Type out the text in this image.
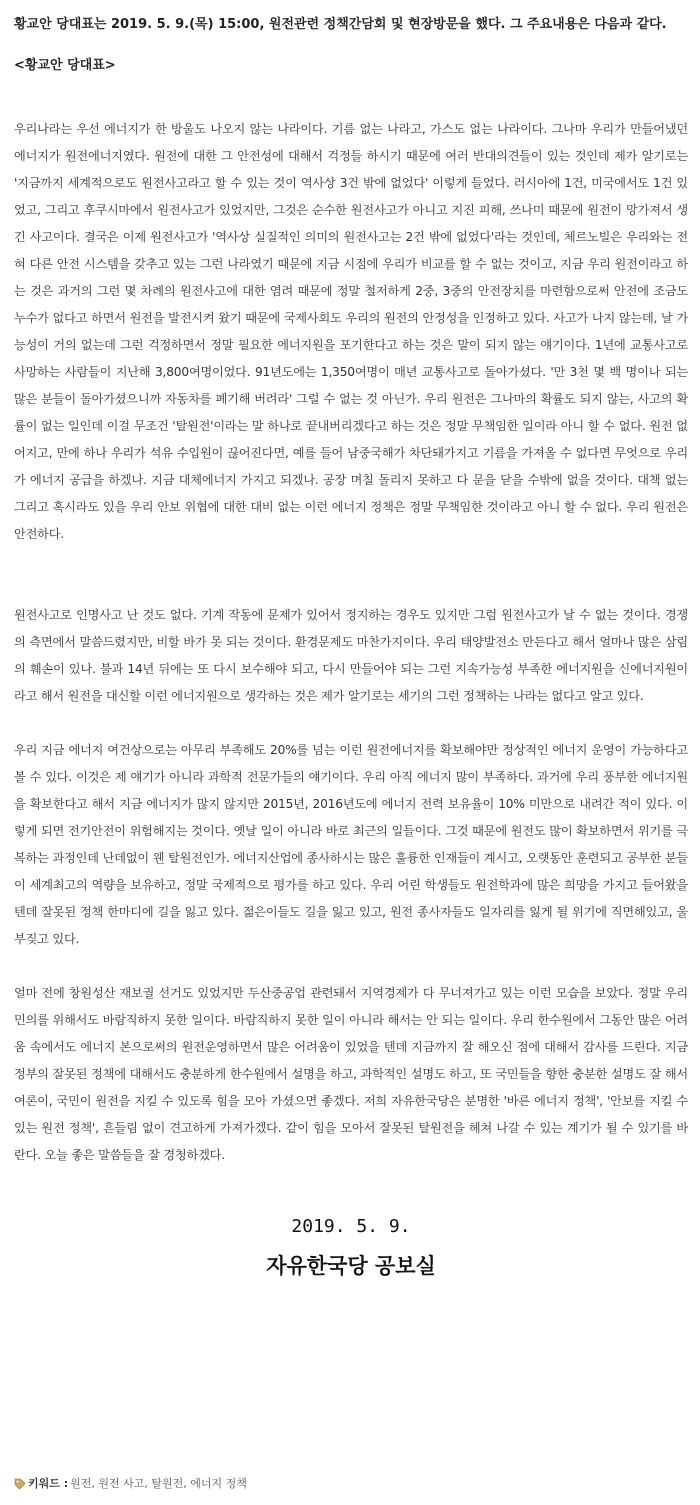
황교안 당대표는 2019. 5. 9.(목) 15:00, 원전관련 정책간담회 및 현장방문을 했다. 그 주요내용은 다음과 같다.

<황교안 당대표>

우리나라는 우선 에너지가 한 방울도 나오지 않는 나라이다. 기름 없는 나라고, 가스도 없는 나라이다. 그나마 우리가 만들어냈던 에너지가 원전에너지였다. 원전에 대한 그 안전성에 대해서 걱정들 하시기 때문에 여러 반대의견들이 있는 것인데 제가 알기로는 '지금까지 세계적으로도 원전사고라고 할 수 있는 것이 역사상 3건 밖에 없었다' 이렇게 들었다. 러시아에 1건, 미국에서도 1건 있었고, 그리고 후쿠시마에서 원전사고가 있었지만, 그것은 순수한 원전사고가 아니고 지진 피해, 쓰나미 때문에 원전이 망가져서 생긴 사고이다. 결국은 이제 원전사고가 '역사상 실질적인 의미의 원전사고는 2건 밖에 없었다'라는 것인데, 체르노빌은 우리와는 전혀 다른 안전 시스템을 갖추고 있는 그런 나라였기 때문에 지금 시점에 우리가 비교를 할 수 없는 것이고, 지금 우리 원전이라고 하는 것은 과거의 그런 몇 차례의 원전사고에 대한 염려 때문에 정말 철저하게 2중, 3중의 안전장치를 마련함으로써 안전에 조금도 누수가 없다고 하면서 원전을 발전시켜 왔기 때문에 국제사회도 우리의 원전의 안정성을 인정하고 있다. 사고가 나지 않는데, 날 가능성이 거의 없는데 그런 걱정하면서 정말 필요한 에너지원을 포기한다고 하는 것은 말이 되지 않는 얘기이다. 1년에 교통사고로 사망하는 사람들이 지난해 3,800여명이었다. 91년도에는 1,350여명이 매년 교통사고로 돌아가셨다. '만 3천 몇 백 명이나 되는 많은 분들이 돌아가셨으니까 자동차를 폐기해 버려라' 그럴 수 없는 것 아닌가. 우리 원전은 그나마의 확률도 되지 않는, 사고의 확률이 없는 일인데 이걸 무조건 '탈원전'이라는 말 하나로 끝내버리겠다고 하는 것은 정말 무책임한 일이라 아니 할 수 없다. 원전 없어지고, 만에 하나 우리가 석유 수입원이 끊어진다면, 예를 들어 남중국해가 차단돼가지고 기름을 가져올 수 없다면 무엇으로 우리가 에너지 공급을 하겠나. 지금 대체에너지 가지고 되겠나. 공장 며칠 돌리지 못하고 다 문을 닫을 수밖에 없을 것이다. 대책 없는 그리고 혹시라도 있을 우리 안보 위협에 대한 대비 없는 이런 에너지 정책은 정말 무책임한 것이라고 아니 할 수 없다. 우리 원전은 안전하다.

원전사고로 인명사고 난 것도 없다. 기계 작동에 문제가 있어서 정지하는 경우도 있지만 그럼 원전사고가 날 수 없는 것이다. 경쟁의 측면에서 말씀드렸지만, 비할 바가 못 되는 것이다. 환경문제도 마찬가지이다. 우리 태양발전소 만든다고 해서 얼마나 많은 삼림의 훼손이 있나. 불과 14년 뒤에는 또 다시 보수해야 되고, 다시 만들어야 되는 그런 지속가능성 부족한 에너지원을 신에너지원이라고 해서 원전을 대신할 이런 에너지원으로 생각하는 것은 제가 알기로는 세기의 그런 정책하는 나라는 없다고 알고 있다.

우리 지금 에너지 여건상으로는 아무리 부족해도 20%를 넘는 이런 원전에너지를 확보해야만 정상적인 에너지 운영이 가능하다고 볼 수 있다. 이것은 제 얘기가 아니라 과학적 전문가들의 얘기이다. 우리 아직 에너지 많이 부족하다. 과거에 우리 풍부한 에너지원을 확보한다고 해서 지금 에너지가 많지 않지만 2015년, 2016년도에 에너지 전력 보유율이 10% 미만으로 내려간 적이 있다. 이렇게 되면 전기안전이 위험해지는 것이다. 옛날 일이 아니라 바로 최근의 일들이다. 그것 때문에 원전도 많이 확보하면서 위기를 극복하는 과정인데 난데없이 웬 탈원전인가. 에너지산업에 종사하시는 많은 훌륭한 인재들이 계시고, 오랫동안 훈련되고 공부한 분들이 세계최고의 역량을 보유하고, 정말 국제적으로 평가를 하고 있다. 우리 어린 학생들도 원전학과에 많은 희망을 가지고 들어왔을 텐데 잘못된 정책 한마디에 길을 잃고 있다. 젊은이들도 길을 잃고 있고, 원전 종사자들도 일자리를 잃게 될 위기에 직면해있고, 울부짖고 있다.

얼마 전에 창원성산 재보궐 선거도 있었지만 두산중공업 관련돼서 지역경제가 다 무너져가고 있는 이런 모습을 보았다. 정말 우리 민의를 위해서도 바람직하지 못한 일이다. 바람직하지 못한 일이 아니라 해서는 안 되는 일이다. 우리 한수원에서 그동안 많은 어려움 속에서도 에너지 본으로써의 원전운영하면서 많은 어려움이 있었을 텐데 지금까지 잘 해오신 점에 대해서 감사를 드린다. 지금 정부의 잘못된 정책에 대해서도 충분하게 한수원에서 설명을 하고, 과학적인 설명도 하고, 또 국민들을 향한 충분한 설명도 잘 해서 여론이, 국민이 원전을 지킬 수 있도록 힘을 모아 가셨으면 좋겠다. 저희 자유한국당은 분명한 '바른 에너지 정책', '안보를 지킬 수 있는 원전 정책', 흔들림 없이 견고하게 가져가겠다. 같이 힘을 모아서 잘못된 탈원전을 헤쳐 나갈 수 있는 계기가 될 수 있기를 바란다. 오늘 좋은 말씀들을 잘 경청하겠다.

2019. 5. 9.
자유한국당 공보실
키워드 : 원전, 원전 사고, 탈원전, 에너지 정책
